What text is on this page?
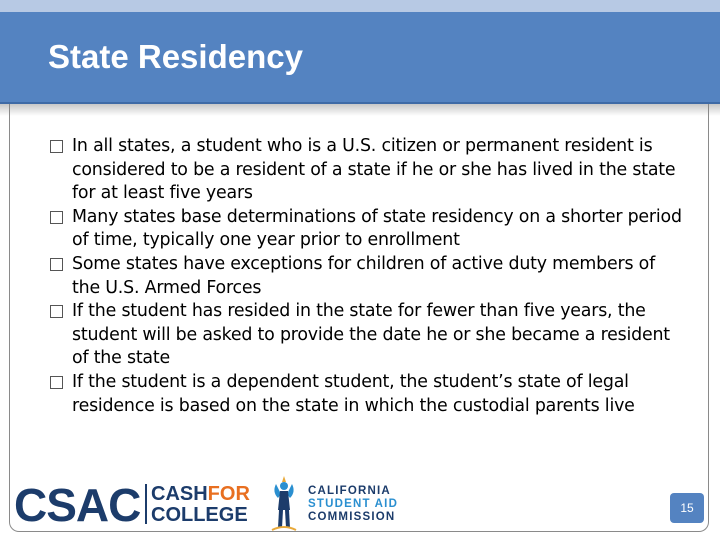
State Residency
In all states, a student who is a U.S. citizen or permanent resident is considered to be a resident of a state if he or she has lived in the state for at least five years
Many states base determinations of state residency on a shorter period of time, typically one year prior to enrollment
Some states have exceptions for children of active duty members of the U.S. Armed Forces
If the student has resided in the state for fewer than five years, the student will be asked to provide the date he or she became a resident of the state
If the student is a dependent student, the student’s state of legal residence is based on the state in which the custodial parents live
CSAC CASHFOR
COLLEGE
CALIFORNIA
STUDENT AID
COMMISSION
15
